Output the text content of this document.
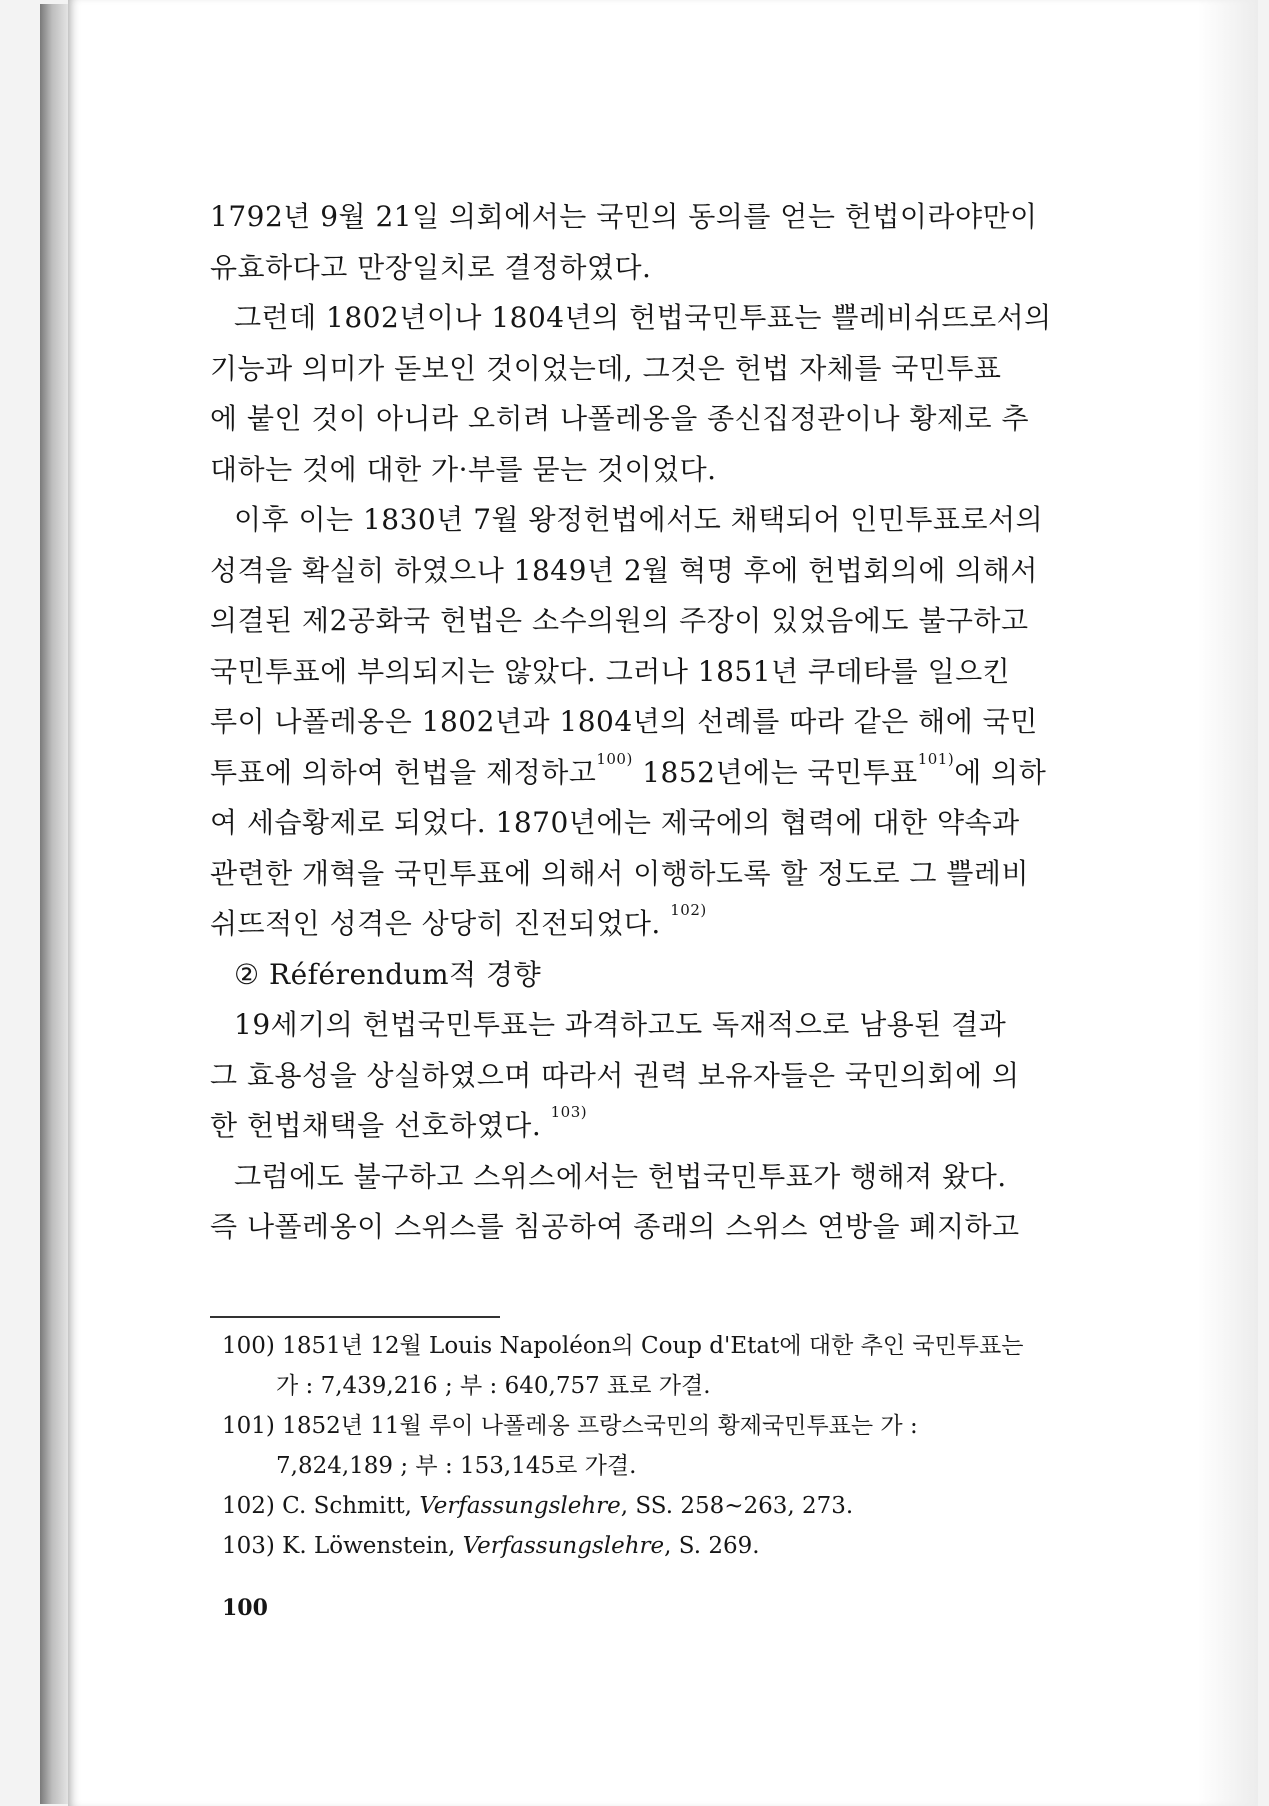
1792년 9월 21일 의회에서는 국민의 동의를 얻는 헌법이라야만이

유효하다고 만장일치로 결정하였다.

그런데 1802년이나 1804년의 헌법국민투표는 쁠레비쉬뜨로서의

기능과 의미가 돋보인 것이었는데, 그것은 헌법 자체를 국민투표

에 붙인 것이 아니라 오히려 나폴레옹을 종신집정관이나 황제로 추

대하는 것에 대한 가·부를 묻는 것이었다.

이후 이는 1830년 7월 왕정헌법에서도 채택되어 인민투표로서의

성격을 확실히 하였으나 1849년 2월 혁명 후에 헌법회의에 의해서

의결된 제2공화국 헌법은 소수의원의 주장이 있었음에도 불구하고

국민투표에 부의되지는 않았다. 그러나 1851년 쿠데타를 일으킨

루이 나폴레옹은 1802년과 1804년의 선례를 따라 같은 해에 국민

투표에 의하여 헌법을 제정하고$^{100)}$ 1852년에는 국민투표$^{101)}$에 의하

여 세습황제로 되었다. 1870년에는 제국에의 협력에 대한 약속과

관련한 개혁을 국민투표에 의해서 이행하도록 할 정도로 그 쁠레비

쉬뜨적인 성격은 상당히 진전되었다. $^{102)}$

② Référendum적 경향

19세기의 헌법국민투표는 과격하고도 독재적으로 남용된 결과

그 효용성을 상실하였으며 따라서 권력 보유자들은 국민의회에 의

한 헌법채택을 선호하였다. $^{103)}$

그럼에도 불구하고 스위스에서는 헌법국민투표가 행해져 왔다.

즉 나폴레옹이 스위스를 침공하여 종래의 스위스 연방을 폐지하고

100) 1851년 12월 Louis Napoléon의 Coup d'Etat에 대한 추인 국민투표는

가 : 7,439,216 ; 부 : 640,757 표로 가결.

101) 1852년 11월 루이 나폴레옹 프랑스국민의 황제국민투표는 가 :

7,824,189 ; 부 : 153,145로 가결.

102) C. Schmitt, Verfassungslehre, SS. 258~263, 273.

103) K. Löwenstein, Verfassungslehre, S. 269.

100
